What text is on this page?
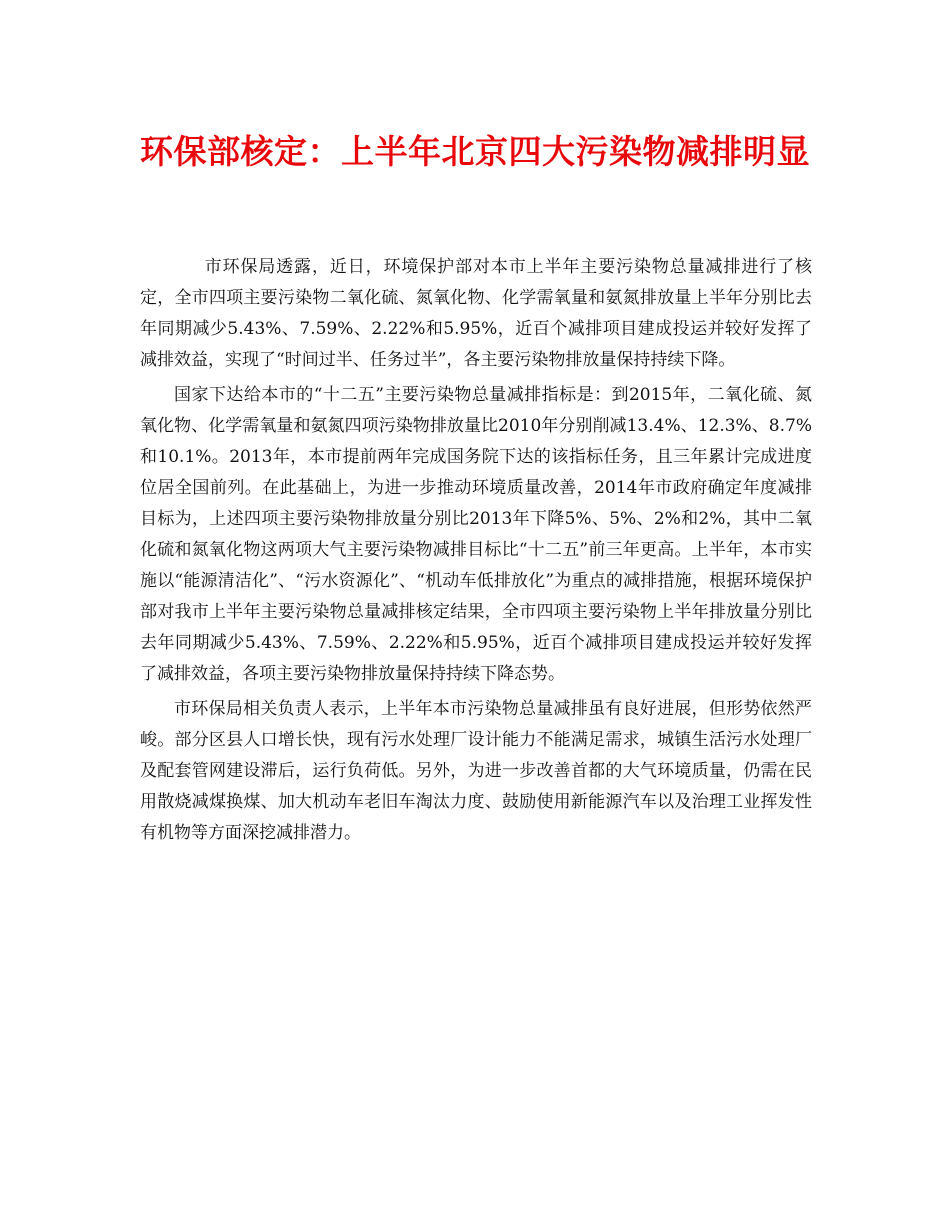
环保部核定：上半年北京四大污染物减排明显

市环保局透露，近日，环境保护部对本市上半年主要污染物总量减排进行了核定，全市四项主要污染物二氧化硫、氮氧化物、化学需氧量和氨氮排放量上半年分别比去年同期减少5.43%、7.59%、2.22%和5.95%，近百个减排项目建成投运并较好发挥了减排效益，实现了“时间过半、任务过半”，各主要污染物排放量保持持续下降。

国家下达给本市的“十二五”主要污染物总量减排指标是：到2015年，二氧化硫、氮氧化物、化学需氧量和氨氮四项污染物排放量比2010年分别削减13.4%、12.3%、8.7%和10.1%。2013年，本市提前两年完成国务院下达的该指标任务，且三年累计完成进度位居全国前列。在此基础上，为进一步推动环境质量改善，2014年市政府确定年度减排目标为，上述四项主要污染物排放量分别比2013年下降5%、5%、2%和2%，其中二氧化硫和氮氧化物这两项大气主要污染物减排目标比“十二五”前三年更高。上半年，本市实施以“能源清洁化”、“污水资源化”、“机动车低排放化”为重点的减排措施，根据环境保护部对我市上半年主要污染物总量减排核定结果，全市四项主要污染物上半年排放量分别比去年同期减少5.43%、7.59%、2.22%和5.95%，近百个减排项目建成投运并较好发挥了减排效益，各项主要污染物排放量保持持续下降态势。

市环保局相关负责人表示，上半年本市污染物总量减排虽有良好进展，但形势依然严峻。部分区县人口增长快，现有污水处理厂设计能力不能满足需求，城镇生活污水处理厂及配套管网建设滞后，运行负荷低。另外，为进一步改善首都的大气环境质量，仍需在民用散烧减煤换煤、加大机动车老旧车淘汰力度、鼓励使用新能源汽车以及治理工业挥发性有机物等方面深挖减排潜力。
